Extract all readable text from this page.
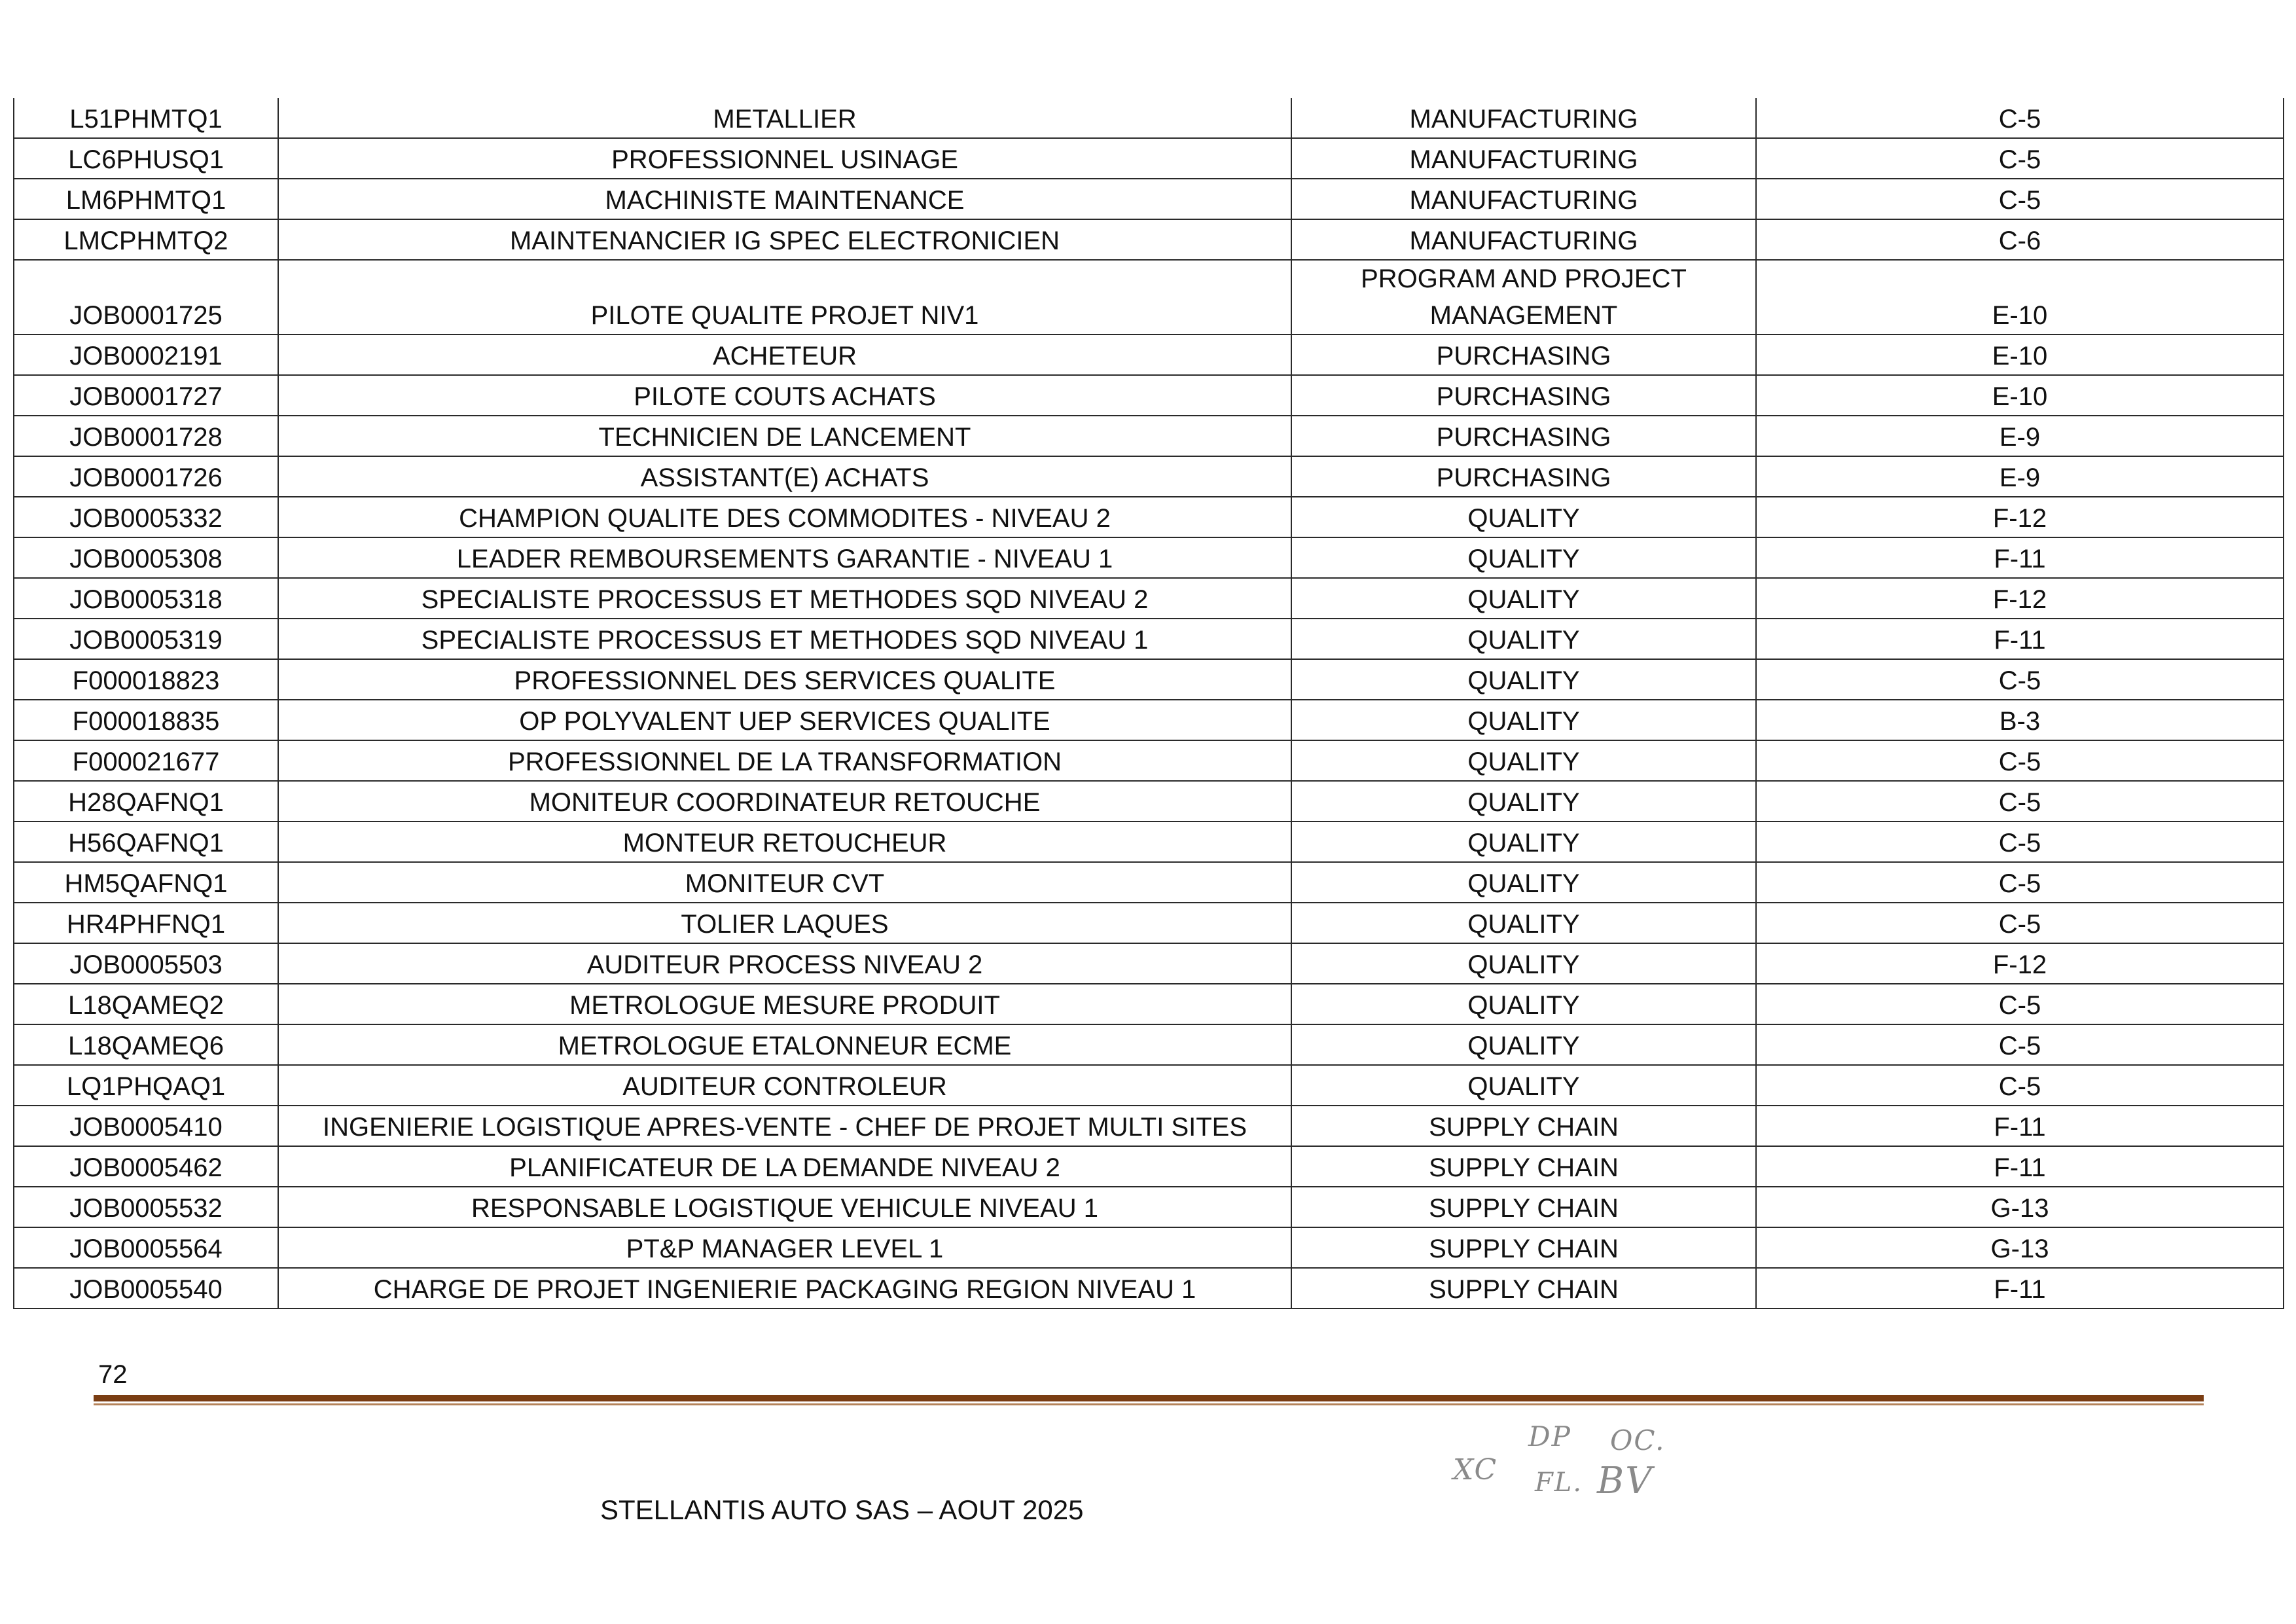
L51PHMTQ1	METALLIER	MANUFACTURING	C-5
LC6PHUSQ1	PROFESSIONNEL USINAGE	MANUFACTURING	C-5
LM6PHMTQ1	MACHINISTE MAINTENANCE	MANUFACTURING	C-5
LMCPHMTQ2	MAINTENANCIER IG SPEC ELECTRONICIEN	MANUFACTURING	C-6
JOB0001725	PILOTE QUALITE PROJET NIV1	PROGRAM AND PROJECT MANAGEMENT	E-10
JOB0002191	ACHETEUR	PURCHASING	E-10
JOB0001727	PILOTE COUTS ACHATS	PURCHASING	E-10
JOB0001728	TECHNICIEN DE LANCEMENT	PURCHASING	E-9
JOB0001726	ASSISTANT(E) ACHATS	PURCHASING	E-9
JOB0005332	CHAMPION QUALITE DES COMMODITES - NIVEAU 2	QUALITY	F-12
JOB0005308	LEADER REMBOURSEMENTS GARANTIE - NIVEAU 1	QUALITY	F-11
JOB0005318	SPECIALISTE PROCESSUS ET METHODES SQD NIVEAU 2	QUALITY	F-12
JOB0005319	SPECIALISTE PROCESSUS ET METHODES SQD NIVEAU 1	QUALITY	F-11
F000018823	PROFESSIONNEL DES SERVICES QUALITE	QUALITY	C-5
F000018835	OP POLYVALENT UEP SERVICES QUALITE	QUALITY	B-3
F000021677	PROFESSIONNEL DE LA TRANSFORMATION	QUALITY	C-5
H28QAFNQ1	MONITEUR COORDINATEUR RETOUCHE	QUALITY	C-5
H56QAFNQ1	MONTEUR RETOUCHEUR	QUALITY	C-5
HM5QAFNQ1	MONITEUR CVT	QUALITY	C-5
HR4PHFNQ1	TOLIER LAQUES	QUALITY	C-5
JOB0005503	AUDITEUR PROCESS NIVEAU 2	QUALITY	F-12
L18QAMEQ2	METROLOGUE MESURE PRODUIT	QUALITY	C-5
L18QAMEQ6	METROLOGUE ETALONNEUR ECME	QUALITY	C-5
LQ1PHQAQ1	AUDITEUR CONTROLEUR	QUALITY	C-5
JOB0005410	INGENIERIE LOGISTIQUE APRES-VENTE - CHEF DE PROJET MULTI SITES	SUPPLY CHAIN	F-11
JOB0005462	PLANIFICATEUR DE LA DEMANDE NIVEAU 2	SUPPLY CHAIN	F-11
JOB0005532	RESPONSABLE LOGISTIQUE VEHICULE NIVEAU 1	SUPPLY CHAIN	G-13
JOB0005564	PT&P MANAGER LEVEL 1	SUPPLY CHAIN	G-13
JOB0005540	CHARGE DE PROJET INGENIERIE PACKAGING REGION NIVEAU 1	SUPPLY CHAIN	F-11
72
XC
DP OC.
FL. BV
STELLANTIS AUTO SAS – AOUT 2025
